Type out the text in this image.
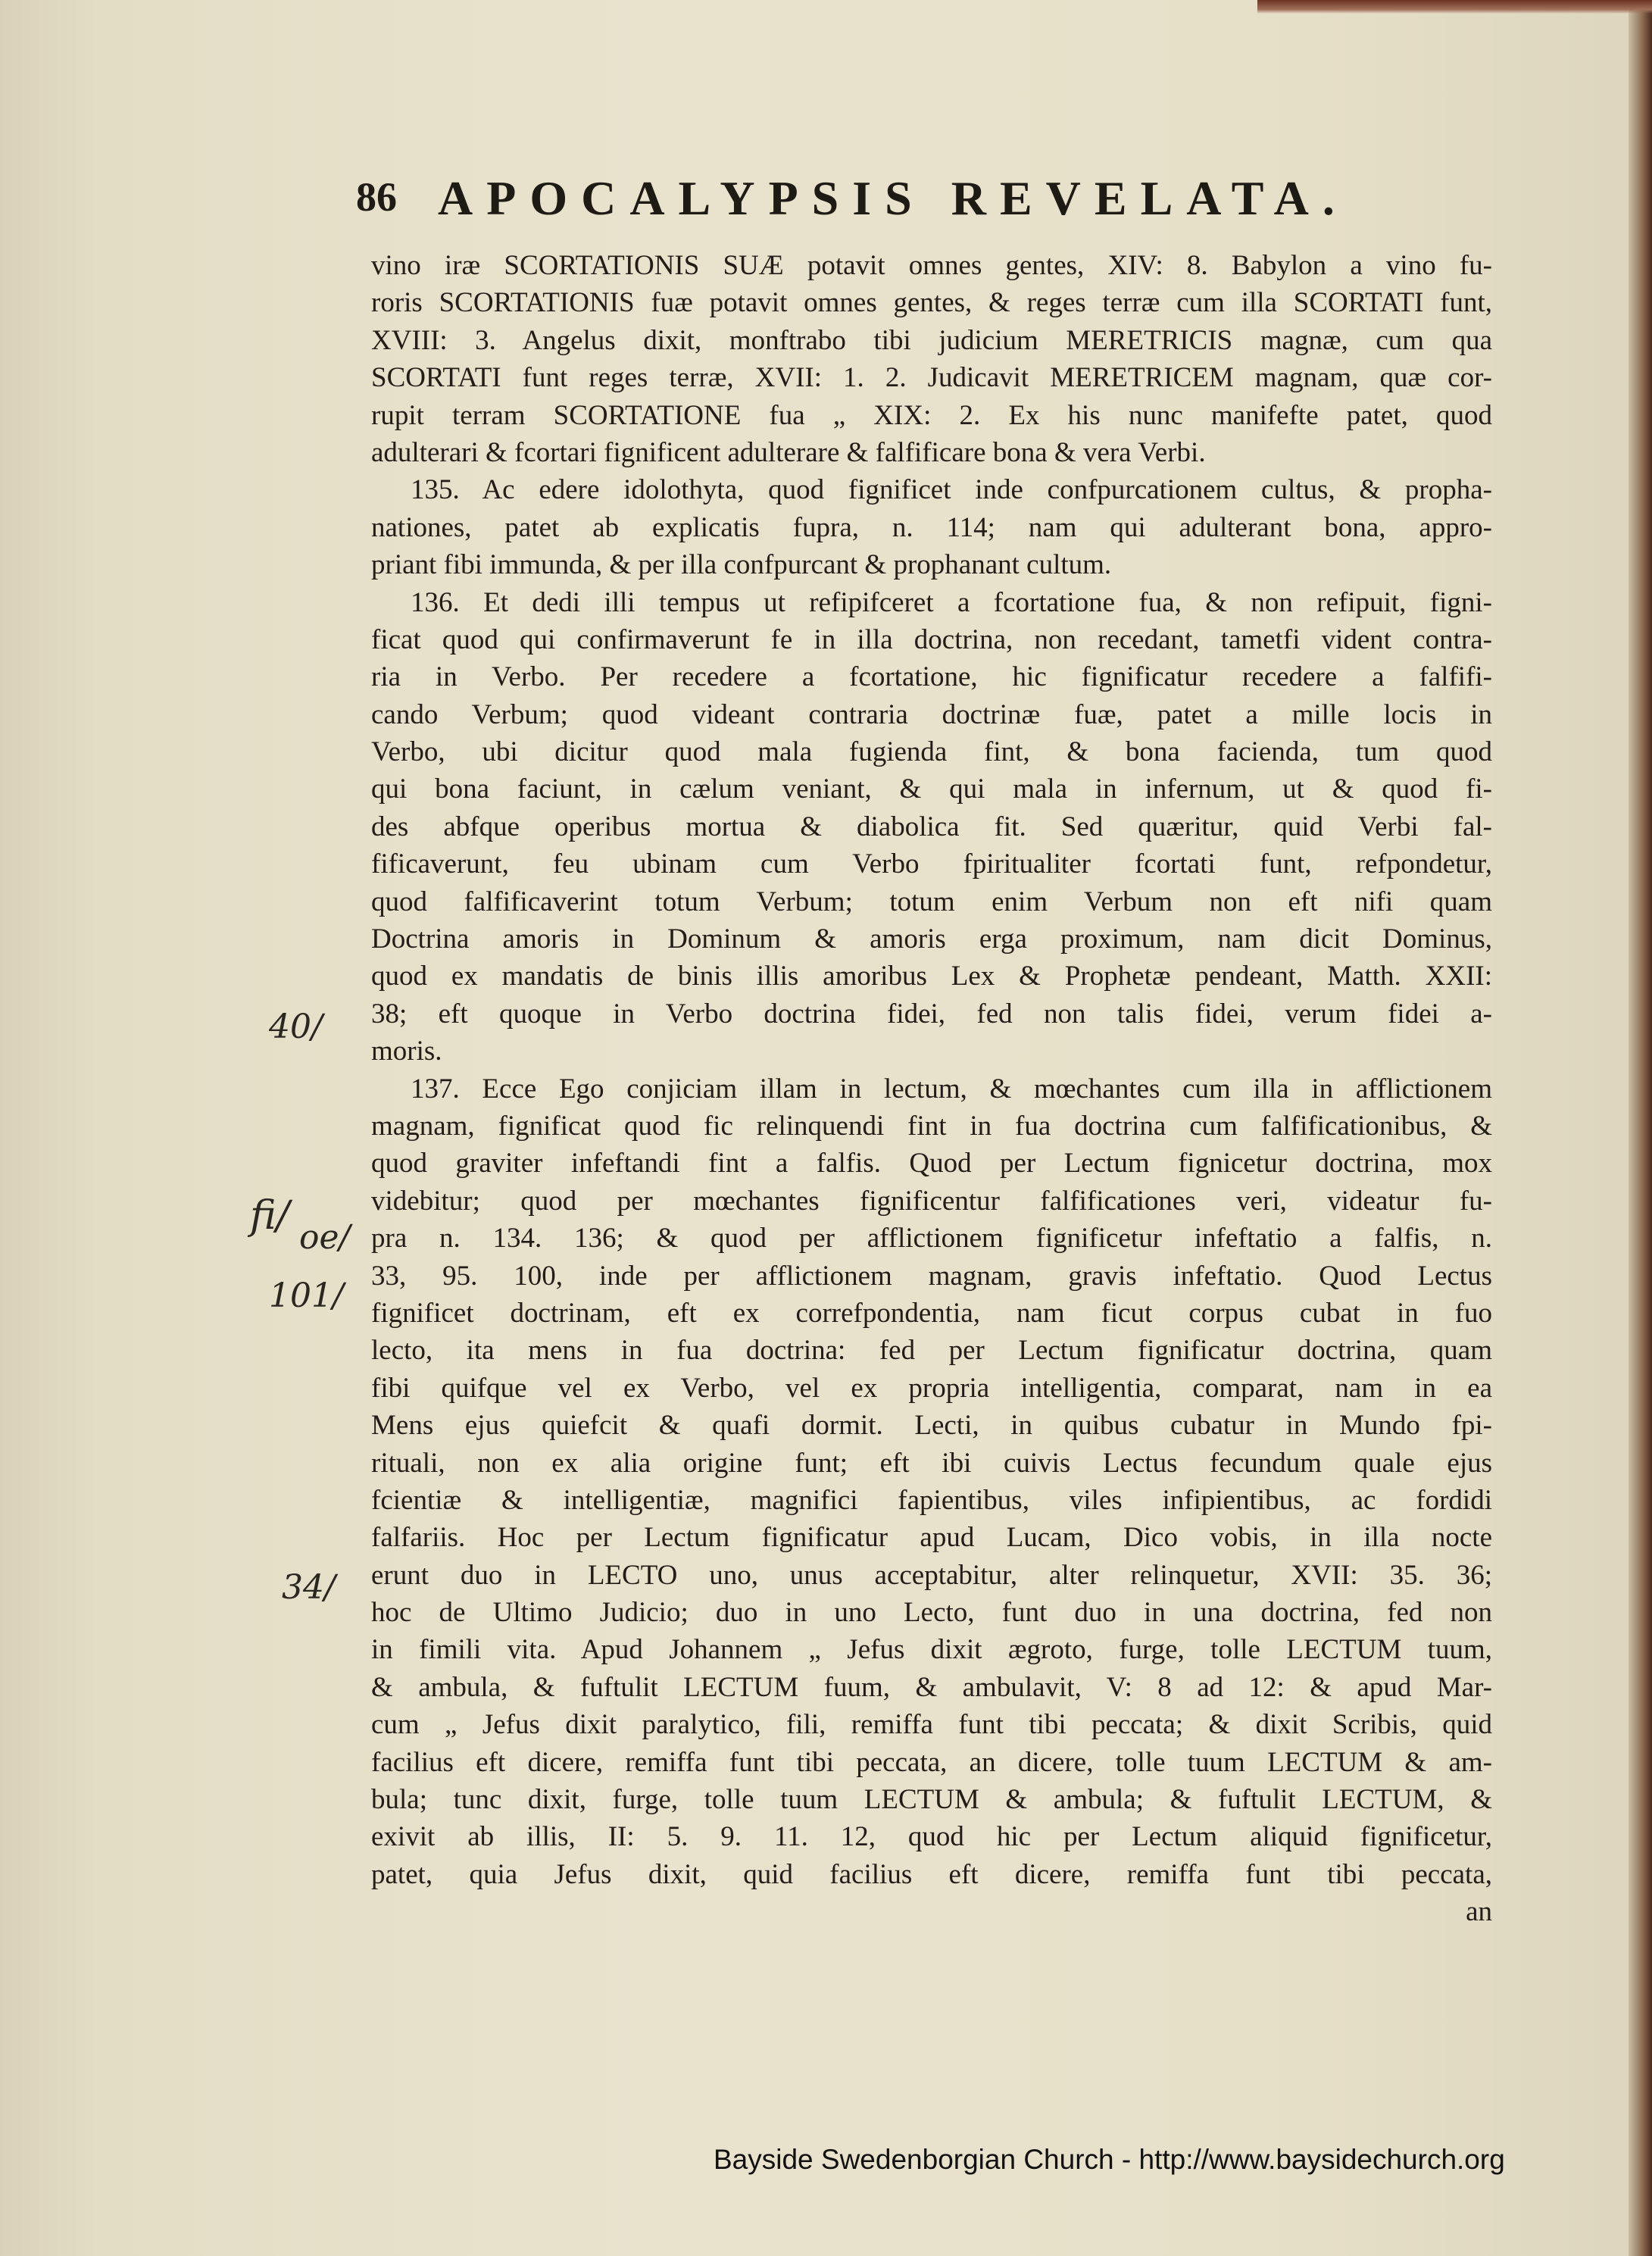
86 APOCALYPSIS REVELATA.
vino iræ SCORTATIONIS SUÆ potavit omnes gentes, XIV: 8. Babylon a vino fu-
roris SCORTATIONIS fuæ potavit omnes gentes, & reges terræ cum illa SCORTATI funt,
XVIII: 3. Angelus dixit, monftrabo tibi judicium MERETRICIS magnæ, cum qua
SCORTATI funt reges terræ, XVII: 1. 2. Judicavit MERETRICEM magnam, quæ cor-
rupit terram SCORTATIONE fua „ XIX: 2. Ex his nunc manifefte patet, quod
adulterari & fcortari fignificent adulterare & falfificare bona & vera Verbi.
135. Ac edere idolothyta, quod fignificet inde confpurcationem cultus, & propha-
nationes, patet ab explicatis fupra, n. 114; nam qui adulterant bona, appro-
priant fibi immunda, & per illa confpurcant & prophanant cultum.
136. Et dedi illi tempus ut refipifceret a fcortatione fua, & non refipuit, figni-
ficat quod qui confirmaverunt fe in illa doctrina, non recedant, tametfi vident contra-
ria in Verbo. Per recedere a fcortatione, hic fignificatur recedere a falfifi-
cando Verbum; quod videant contraria doctrinæ fuæ, patet a mille locis in
Verbo, ubi dicitur quod mala fugienda fint, & bona facienda, tum quod
qui bona faciunt, in cælum veniant, & qui mala in infernum, ut & quod fi-
des abfque operibus mortua & diabolica fit. Sed quæritur, quid Verbi fal-
fificaverunt, feu ubinam cum Verbo fpiritualiter fcortati funt, refpondetur,
quod falfificaverint totum Verbum; totum enim Verbum non eft nifi quam
Doctrina amoris in Dominum & amoris erga proximum, nam dicit Dominus,
quod ex mandatis de binis illis amoribus Lex & Prophetæ pendeant, Matth. XXII:
38; eft quoque in Verbo doctrina fidei, fed non talis fidei, verum fidei a-
moris.
137. Ecce Ego conjiciam illam in lectum, & mœchantes cum illa in afflictionem
magnam, fignificat quod fic relinquendi fint in fua doctrina cum falfificationibus, &
quod graviter infeftandi fint a falfis. Quod per Lectum fignicetur doctrina, mox
videbitur; quod per mœchantes fignificentur falfificationes veri, videatur fu-
pra n. 134. 136; & quod per afflictionem fignificetur infeftatio a falfis, n.
33, 95. 100, inde per afflictionem magnam, gravis infeftatio. Quod Lectus
fignificet doctrinam, eft ex correfpondentia, nam ficut corpus cubat in fuo
lecto, ita mens in fua doctrina: fed per Lectum fignificatur doctrina, quam
fibi quifque vel ex Verbo, vel ex propria intelligentia, comparat, nam in ea
Mens ejus quiefcit & quafi dormit. Lecti, in quibus cubatur in Mundo fpi-
rituali, non ex alia origine funt; eft ibi cuivis Lectus fecundum quale ejus
fcientiæ & intelligentiæ, magnifici fapientibus, viles infipientibus, ac fordidi
falfariis. Hoc per Lectum fignificatur apud Lucam, Dico vobis, in illa nocte
erunt duo in LECTO uno, unus acceptabitur, alter relinquetur, XVII: 35. 36;
hoc de Ultimo Judicio; duo in uno Lecto, funt duo in una doctrina, fed non
in fimili vita. Apud Johannem „ Jefus dixit ægroto, furge, tolle LECTUM tuum,
& ambula, & fuftulit LECTUM fuum, & ambulavit, V: 8 ad 12: & apud Mar-
cum „ Jefus dixit paralytico, fili, remiffa funt tibi peccata; & dixit Scribis, quid
facilius eft dicere, remiffa funt tibi peccata, an dicere, tolle tuum LECTUM & am-
bula; tunc dixit, furge, tolle tuum LECTUM & ambula; & fuftulit LECTUM, &
exivit ab illis, II: 5. 9. 11. 12, quod hic per Lectum aliquid fignificetur,
patet, quia Jefus dixit, quid facilius eft dicere, remiffa funt tibi peccata,
an
40/
fi/ oe/
101/
34/
Bayside Swedenborgian Church - http://www.baysidechurch.org
